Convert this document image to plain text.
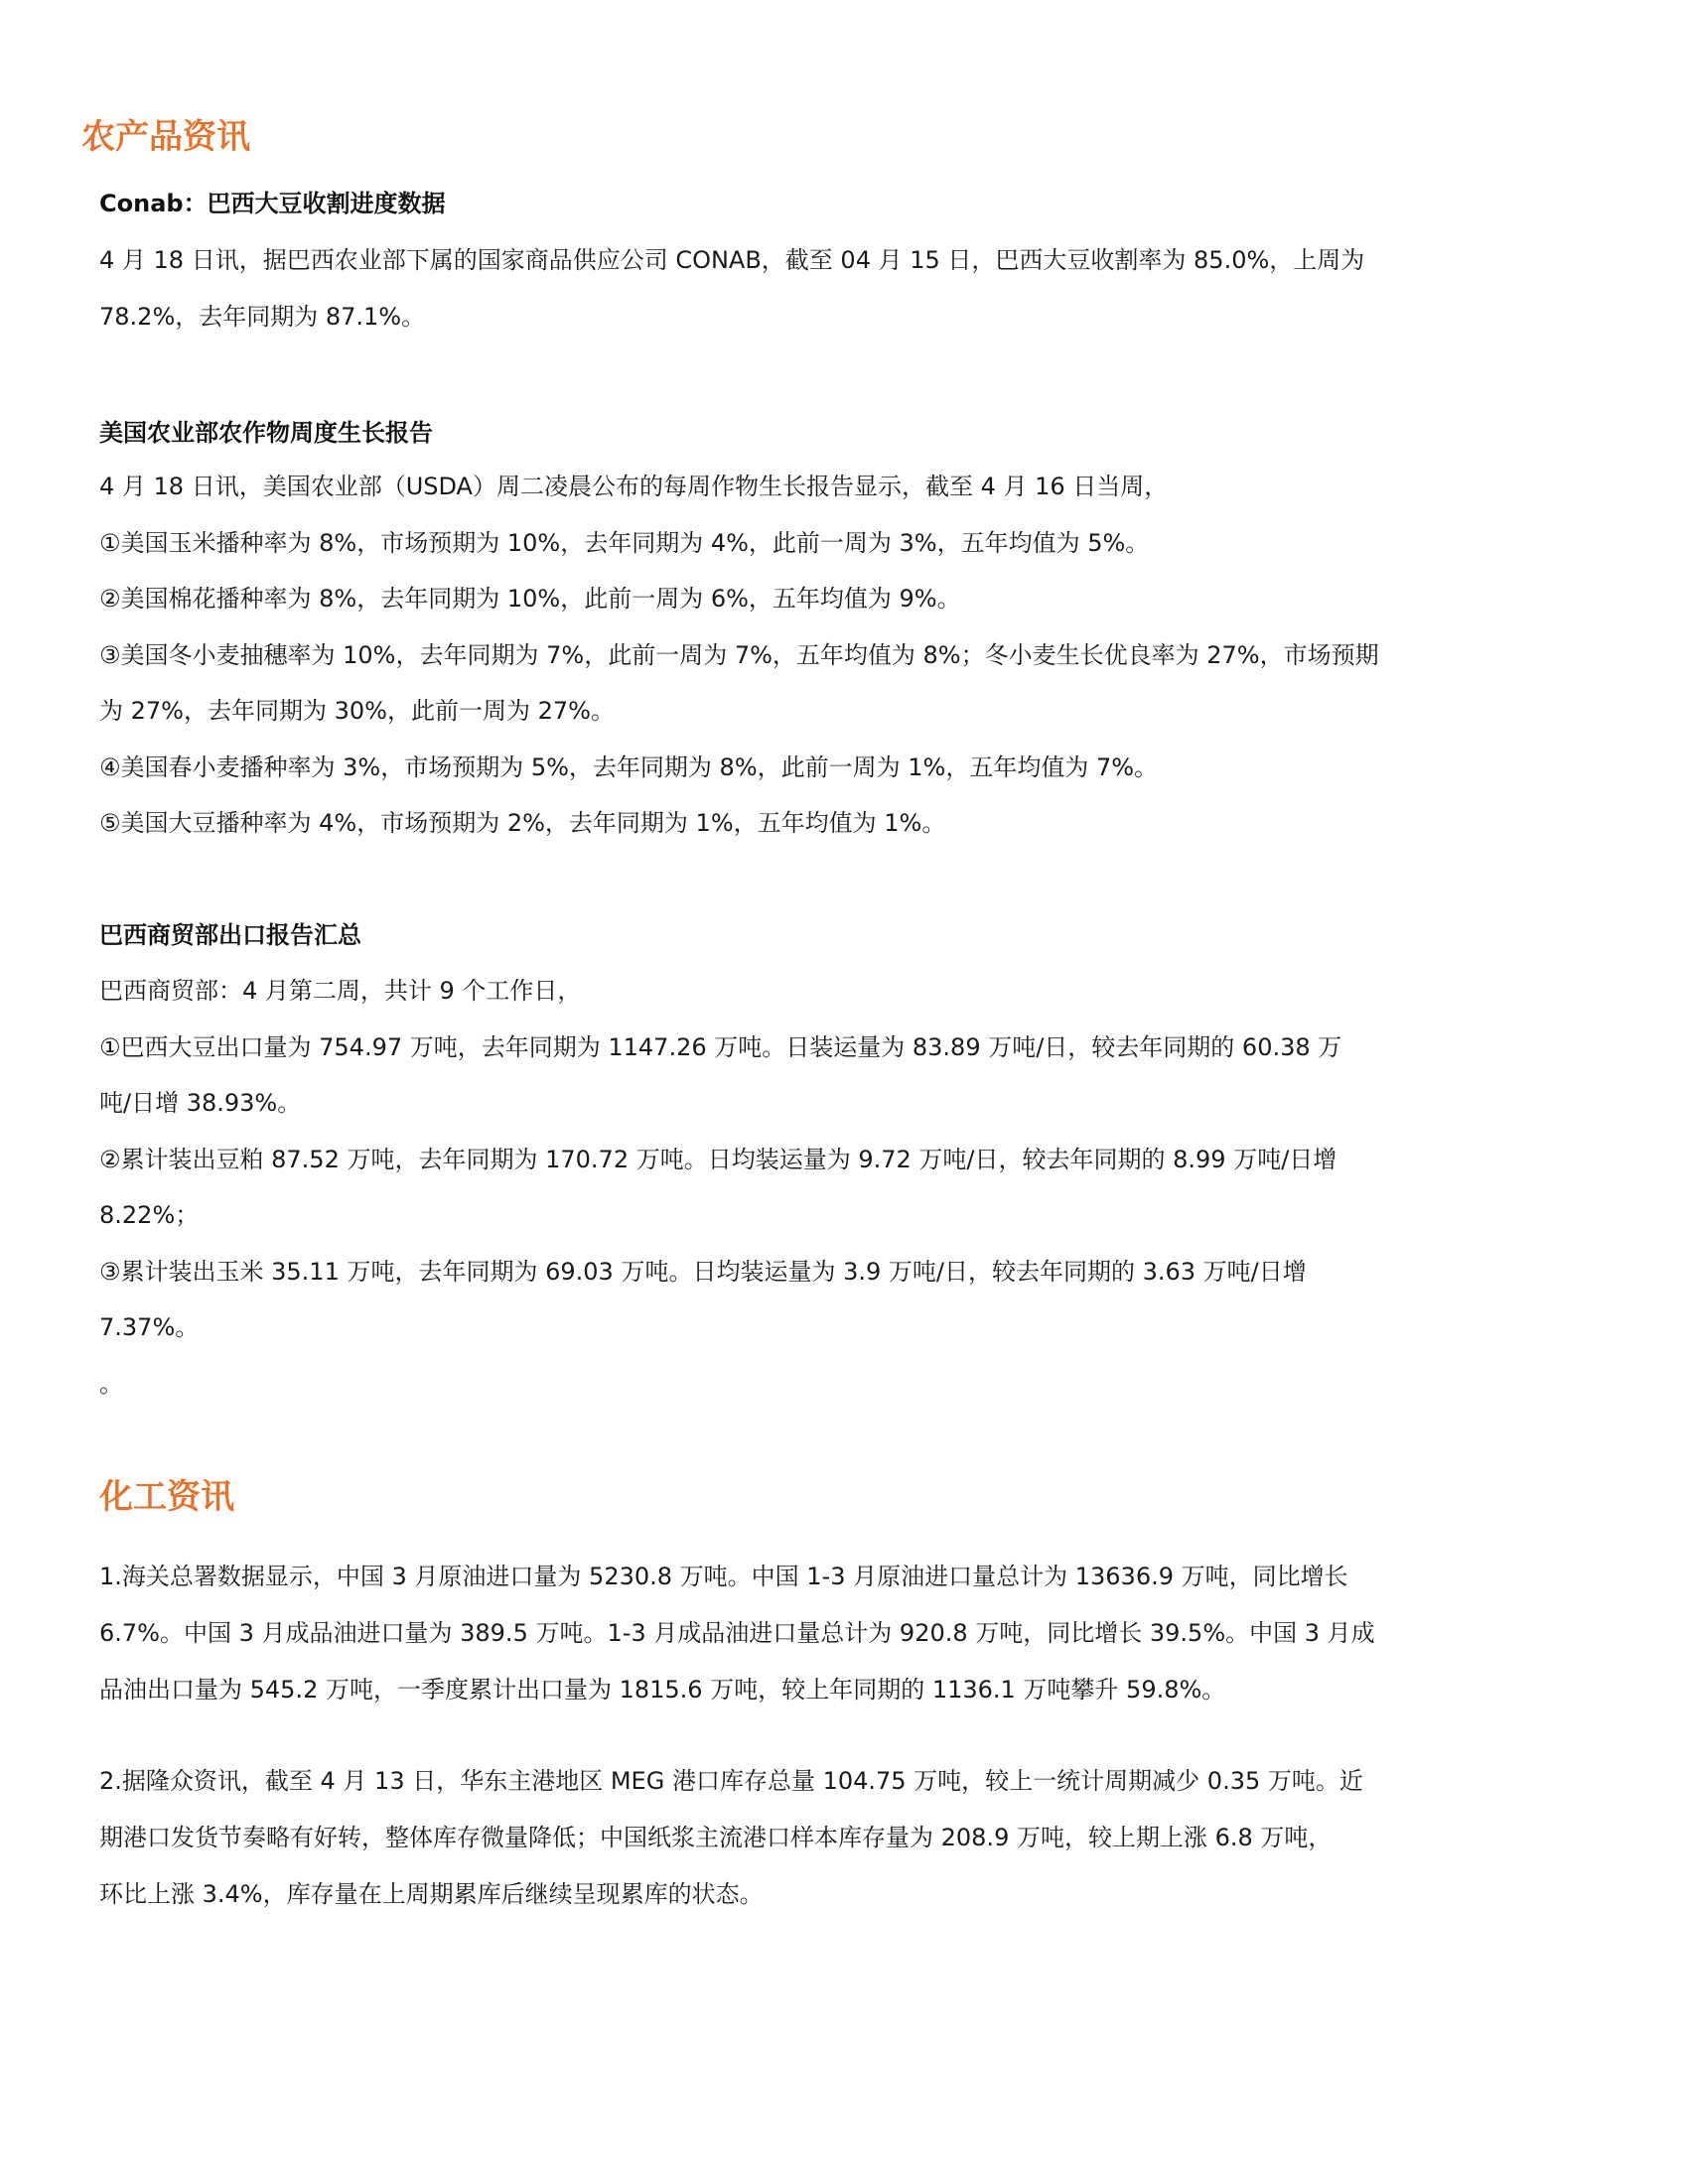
农产品资讯
Conab：巴西大豆收割进度数据
4 月 18 日讯，据巴西农业部下属的国家商品供应公司 CONAB，截至 04 月 15 日，巴西大豆收割率为 85.0%，上周为
78.2%，去年同期为 87.1%。
美国农业部农作物周度生长报告
4 月 18 日讯，美国农业部（USDA）周二凌晨公布的每周作物生长报告显示，截至 4 月 16 日当周，
①美国玉米播种率为 8%，市场预期为 10%，去年同期为 4%，此前一周为 3%，五年均值为 5%。
②美国棉花播种率为 8%，去年同期为 10%，此前一周为 6%，五年均值为 9%。
③美国冬小麦抽穗率为 10%，去年同期为 7%，此前一周为 7%，五年均值为 8%；冬小麦生长优良率为 27%，市场预期
为 27%，去年同期为 30%，此前一周为 27%。
④美国春小麦播种率为 3%，市场预期为 5%，去年同期为 8%，此前一周为 1%，五年均值为 7%。
⑤美国大豆播种率为 4%，市场预期为 2%，去年同期为 1%，五年均值为 1%。
巴西商贸部出口报告汇总
巴西商贸部：4 月第二周，共计 9 个工作日，
①巴西大豆出口量为 754.97 万吨，去年同期为 1147.26 万吨。日装运量为 83.89 万吨/日，较去年同期的 60.38 万
吨/日增 38.93%。
②累计装出豆粕 87.52 万吨，去年同期为 170.72 万吨。日均装运量为 9.72 万吨/日，较去年同期的 8.99 万吨/日增
8.22%；
③累计装出玉米 35.11 万吨，去年同期为 69.03 万吨。日均装运量为 3.9 万吨/日，较去年同期的 3.63 万吨/日增
7.37%。
。
化工资讯
1.海关总署数据显示，中国 3 月原油进口量为 5230.8 万吨。中国 1-3 月原油进口量总计为 13636.9 万吨，同比增长
6.7%。中国 3 月成品油进口量为 389.5 万吨。1-3 月成品油进口量总计为 920.8 万吨，同比增长 39.5%。中国 3 月成
品油出口量为 545.2 万吨，一季度累计出口量为 1815.6 万吨，较上年同期的 1136.1 万吨攀升 59.8%。
2.据隆众资讯，截至 4 月 13 日，华东主港地区 MEG 港口库存总量 104.75 万吨，较上一统计周期减少 0.35 万吨。近
期港口发货节奏略有好转，整体库存微量降低；中国纸浆主流港口样本库存量为 208.9 万吨，较上期上涨 6.8 万吨，
环比上涨 3.4%，库存量在上周期累库后继续呈现累库的状态。
